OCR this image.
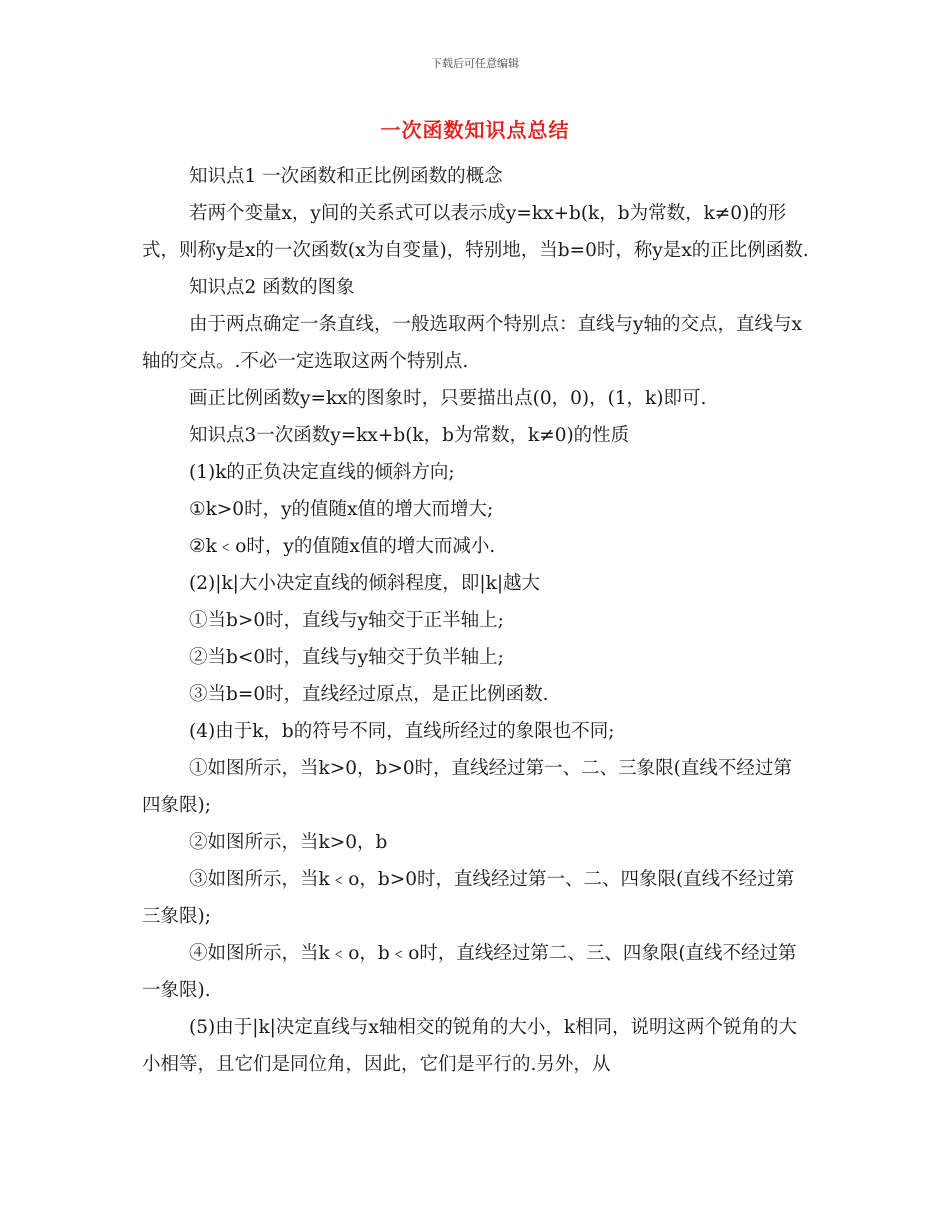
下载后可任意编辑
一次函数知识点总结

知识点1 一次函数和正比例函数的概念

若两个变量x，y间的关系式可以表示成y=kx+b(k，b为常数，k≠0)的形式，则称y是x的一次函数(x为自变量)，特别地，当b=0时，称y是x的正比例函数.

知识点2 函数的图象

由于两点确定一条直线，一般选取两个特别点：直线与y轴的交点，直线与x轴的交点。.不必一定选取这两个特别点.

画正比例函数y=kx的图象时，只要描出点(0，0)，(1，k)即可.

知识点3一次函数y=kx+b(k，b为常数，k≠0)的性质

(1)k的正负决定直线的倾斜方向;

①k>0时，y的值随x值的增大而增大;

②k﹤o时，y的值随x值的增大而减小.

(2)|k|大小决定直线的倾斜程度，即|k|越大

①当b>0时，直线与y轴交于正半轴上;

②当b<0时，直线与y轴交于负半轴上;

③当b=0时，直线经过原点，是正比例函数.

(4)由于k，b的符号不同，直线所经过的象限也不同;

①如图所示，当k>0，b>0时，直线经过第一、二、三象限(直线不经过第四象限);

②如图所示，当k>0，b

③如图所示，当k﹤o，b>0时，直线经过第一、二、四象限(直线不经过第三象限);

④如图所示，当k﹤o，b﹤o时，直线经过第二、三、四象限(直线不经过第一象限).

(5)由于|k|决定直线与x轴相交的锐角的大小，k相同，说明这两个锐角的大小相等，且它们是同位角，因此，它们是平行的.另外，从
